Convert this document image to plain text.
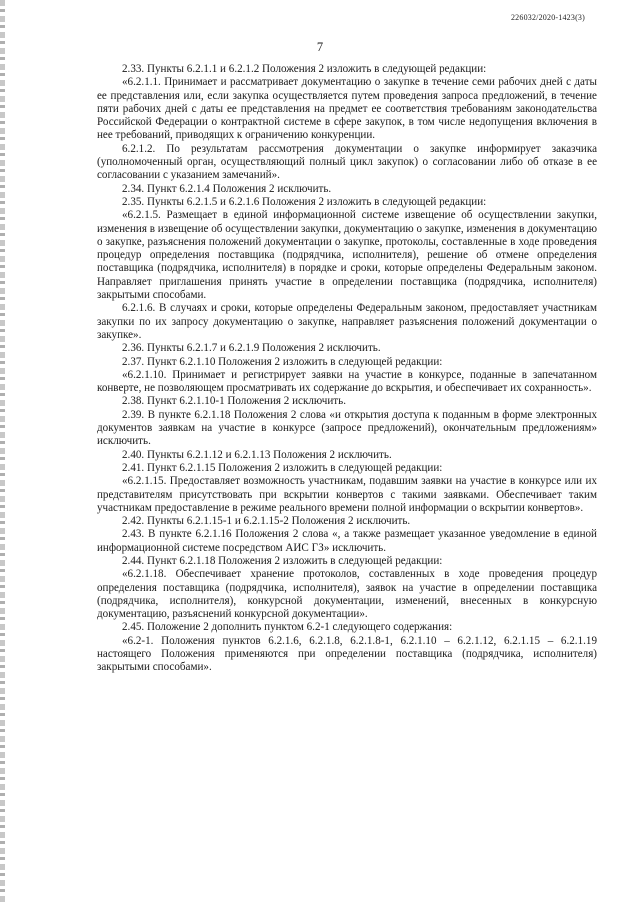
226032/2020-1423(3)
7

2.33. Пункты 6.2.1.1 и 6.2.1.2 Положения 2 изложить в следующей редакции:

«6.2.1.1. Принимает и рассматривает документацию о закупке в течение семи рабочих дней с даты ее представления или, если закупка осуществляется путем проведения запроса предложений, в течение пяти рабочих дней с даты ее представления на предмет ее соответствия требованиям законодательства Российской Федерации о контрактной системе в сфере закупок, в том числе недопущения включения в нее требований, приводящих к ограничению конкуренции.

6.2.1.2. По результатам рассмотрения документации о закупке информирует заказчика (уполномоченный орган, осуществляющий полный цикл закупок) о согласовании либо об отказе в ее согласовании с указанием замечаний».

2.34. Пункт 6.2.1.4 Положения 2 исключить.

2.35. Пункты 6.2.1.5 и 6.2.1.6 Положения 2 изложить в следующей редакции:

«6.2.1.5. Размещает в единой информационной системе извещение об осуществлении закупки, изменения в извещение об осуществлении закупки, документацию о закупке, изменения в документацию о закупке, разъяснения положений документации о закупке, протоколы, составленные в ходе проведения процедур определения поставщика (подрядчика, исполнителя), решение об отмене определения поставщика (подрядчика, исполнителя) в порядке и сроки, которые определены Федеральным законом. Направляет приглашения принять участие в определении поставщика (подрядчика, исполнителя) закрытыми способами.

6.2.1.6. В случаях и сроки, которые определены Федеральным законом, предоставляет участникам закупки по их запросу документацию о закупке, направляет разъяснения положений документации о закупке».

2.36. Пункты 6.2.1.7 и 6.2.1.9 Положения 2 исключить.

2.37. Пункт 6.2.1.10 Положения 2 изложить в следующей редакции:

«6.2.1.10. Принимает и регистрирует заявки на участие в конкурсе, поданные в запечатанном конверте, не позволяющем просматривать их содержание до вскрытия, и обеспечивает их сохранность».

2.38. Пункт 6.2.1.10-1 Положения 2 исключить.

2.39. В пункте 6.2.1.18 Положения 2 слова «и открытия доступа к поданным в форме электронных документов заявкам на участие в конкурсе (запросе предложений), окончательным предложениям» исключить.

2.40. Пункты 6.2.1.12 и 6.2.1.13 Положения 2 исключить.

2.41. Пункт 6.2.1.15 Положения 2 изложить в следующей редакции:

«6.2.1.15. Предоставляет возможность участникам, подавшим заявки на участие в конкурсе или их представителям присутствовать при вскрытии конвертов с такими заявками. Обеспечивает таким участникам предоставление в режиме реального времени полной информации о вскрытии конвертов».

2.42. Пункты 6.2.1.15-1 и 6.2.1.15-2 Положения 2 исключить.

2.43. В пункте 6.2.1.16 Положения 2 слова «, а также размещает указанное уведомление в единой информационной системе посредством АИС ГЗ» исключить.

2.44. Пункт 6.2.1.18 Положения 2 изложить в следующей редакции:

«6.2.1.18. Обеспечивает хранение протоколов, составленных в ходе проведения процедур определения поставщика (подрядчика, исполнителя), заявок на участие в определении поставщика (подрядчика, исполнителя), конкурсной документации, изменений, внесенных в конкурсную документацию, разъяснений конкурсной документации».

2.45. Положение 2 дополнить пунктом 6.2-1 следующего содержания:

«6.2-1. Положения пунктов 6.2.1.6, 6.2.1.8, 6.2.1.8-1, 6.2.1.10 – 6.2.1.12, 6.2.1.15 – 6.2.1.19 настоящего Положения применяются при определении поставщика (подрядчика, исполнителя) закрытыми способами».
